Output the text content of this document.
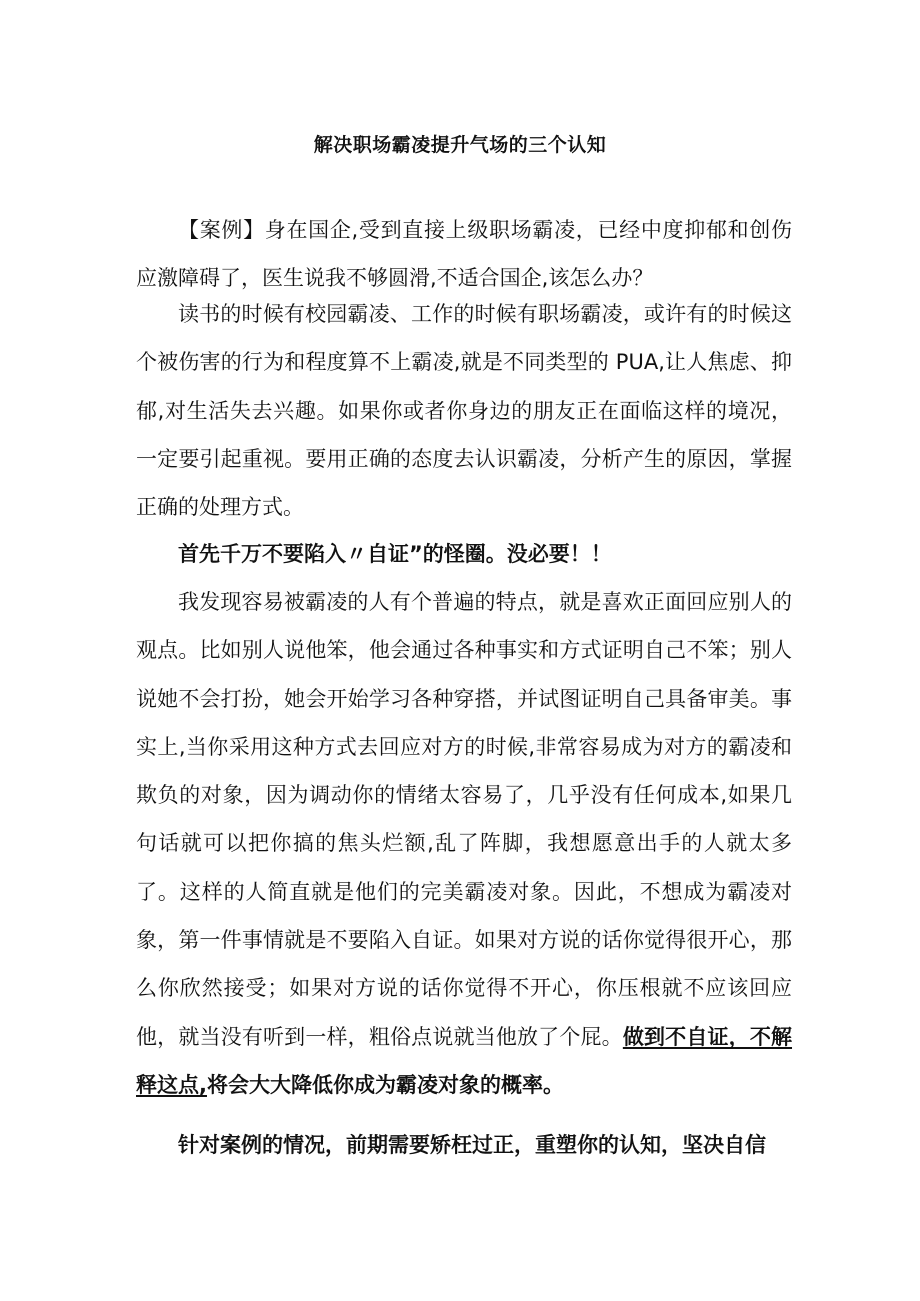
解决职场霸凌提升气场的三个认知

【案例】身在国企,受到直接上级职场霸凌，已经中度抑郁和创伤应激障碍了，医生说我不够圆滑,不适合国企,该怎么办？

读书的时候有校园霸凌、工作的时候有职场霸凌，或许有的时候这个被伤害的行为和程度算不上霸凌,就是不同类型的 PUA,让人焦虑、抑郁,对生活失去兴趣。如果你或者你身边的朋友正在面临这样的境况，一定要引起重视。要用正确的态度去认识霸凌，分析产生的原因，掌握正确的处理方式。

首先千万不要陷入〃自证”的怪圈。没必要！！

我发现容易被霸凌的人有个普遍的特点，就是喜欢正面回应别人的观点。比如别人说他笨，他会通过各种事实和方式证明自己不笨；别人说她不会打扮，她会开始学习各种穿搭，并试图证明自己具备审美。事实上,当你采用这种方式去回应对方的时候,非常容易成为对方的霸凌和欺负的对象，因为调动你的情绪太容易了，几乎没有任何成本,如果几句话就可以把你搞的焦头烂额,乱了阵脚，我想愿意出手的人就太多了。这样的人简直就是他们的完美霸凌对象。因此，不想成为霸凌对象，第一件事情就是不要陷入自证。如果对方说的话你觉得很开心，那么你欣然接受；如果对方说的话你觉得不开心，你压根就不应该回应他，就当没有听到一样，粗俗点说就当他放了个屁。做到不自证，不解释这点,将会大大降低你成为霸凌对象的概率。

针对案例的情况，前期需要矫枉过正，重塑你的认知，坚决自信
